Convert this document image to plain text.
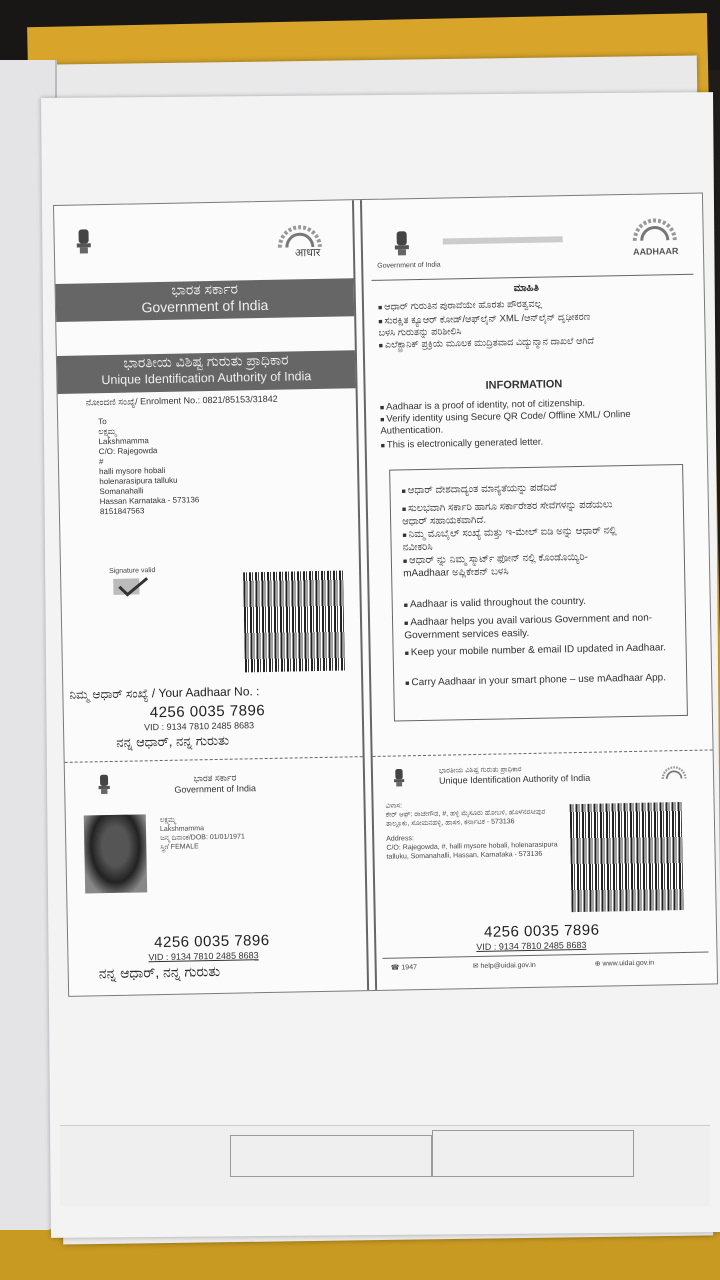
आधार
ಭಾರತ ಸರ್ಕಾರ
Government of India
ಭಾರತೀಯ ವಿಶಿಷ್ಟ ಗುರುತು ಪ್ರಾಧಿಕಾರ
Unique Identification Authority of India
ನೋಂದಣಿ ಸಂಖ್ಯೆ/ Enrolment No.: 0821/85153/31842
To
ಲಕ್ಷ್ಮಮ್ಮ
Lakshmamma
C/O: Rajegowda
#
halli mysore hobali
holenarasipura talluku
Somanahalli
Hassan Karnataka - 573136
8151847563
Signature valid
ನಿಮ್ಮ ಆಧಾರ್ ಸಂಖ್ಯೆ / Your Aadhaar No. :
4256 0035 7896
VID : 9134 7810 2485 8683
ನನ್ನ ಆಧಾರ್, ನನ್ನ ಗುರುತು
ಭಾರತ ಸರ್ಕಾರ
Government of India
ಲಕ್ಷ್ಮಮ್ಮ
Lakshmamma
ಜನ್ಮ ದಿನಾಂಕ/DOB: 01/01/1971
ಸ್ತ್ರೀ/ FEMALE
4256 0035 7896
VID : 9134 7810 2485 8683
ನನ್ನ ಆಧಾರ್, ನನ್ನ ಗುರುತು
Government of India
AADHAAR
ಮಾಹಿತಿ
■ ಆಧಾರ್ ಗುರುತಿನ ಪುರಾವೆಯೇ ಹೊರತು ಪೌರತ್ವವಲ್ಲ
■ ಸುರಕ್ಷಿತ ಕ್ಯೂಆರ್ ಕೋಡ್/ಆಫ್‌ಲೈನ್ XML /ಆನ್‌ಲೈನ್ ದೃಢೀಕರಣ ಬಳಸಿ ಗುರುತನ್ನು ಪರಿಶೀಲಿಸಿ
■ ಎಲೆಕ್ಟ್ರಾನಿಕ್ ಪ್ರಕ್ರಿಯೆ ಮೂಲಕ ಮುದ್ರಿತವಾದ ವಿದ್ಯುನ್ಮಾನ ದಾಖಲೆ ಆಗಿದೆ
INFORMATION
■ Aadhaar is a proof of identity, not of citizenship.
■ Verify identity using Secure QR Code/ Offline XML/ Online Authentication.
■ This is electronically generated letter.
■ ಆಧಾರ್ ದೇಶದಾದ್ಯಂತ ಮಾನ್ಯತೆಯನ್ನು ಪಡೆದಿದೆ
■ ಸುಲಭವಾಗಿ ಸರ್ಕಾರಿ ಹಾಗೂ ಸರ್ಕಾರೇತರ ಸೇವೆಗಳನ್ನು ಪಡೆಯಲು ಆಧಾರ್ ಸಹಾಯಕವಾಗಿದೆ.
■ ನಿಮ್ಮ ಮೊಬೈಲ್ ಸಂಖ್ಯೆ ಮತ್ತು ಇ-ಮೇಲ್ ಐಡಿ ಅನ್ನು ಆಧಾರ್ ನಲ್ಲಿ ನವೀಕರಿಸಿ
■ ಆಧಾರ್ ನ್ನು ನಿಮ್ಮ ಸ್ಮಾರ್ಟ್ ಫೋನ್ ನಲ್ಲಿ ಕೊಂಡೊಯ್ಯಿರಿ- mAadhaar ಅಪ್ಲಿಕೇಶನ್ ಬಳಸಿ
■ Aadhaar is valid throughout the country.
■ Aadhaar helps you avail various Government and non-Government services easily.
■ Keep your mobile number & email ID updated in Aadhaar.
■ Carry Aadhaar in your smart phone – use mAadhaar App.
ಭಾರತೀಯ ವಿಶಿಷ್ಟ ಗುರುತು ಪ್ರಾಧಿಕಾರ
Unique Identification Authority of India
ವಿಳಾಸ:
ಕೇರ್ ಆಫ್: ರಾಜೇಗೌಡ, #, ಹಳ್ಳಿ ಮೈಸೂರು ಹೋಬಳಿ, ಹೊಳೆನರಸೀಪುರ ತಾಲ್ಲೂಕು, ಸೋಮನಹಳ್ಳಿ, ಹಾಸನ, ಕರ್ನಾಟಕ - 573136
Address:
C/O: Rajegowda, #, halli mysore hobali, holenarasipura talluku, Somanahalli, Hassan, Karnataka - 573136
4256 0035 7896
VID : 9134 7810 2485 8683
☎ 1947	✉ help@uidai.gov.in	⊕ www.uidai.gov.in
